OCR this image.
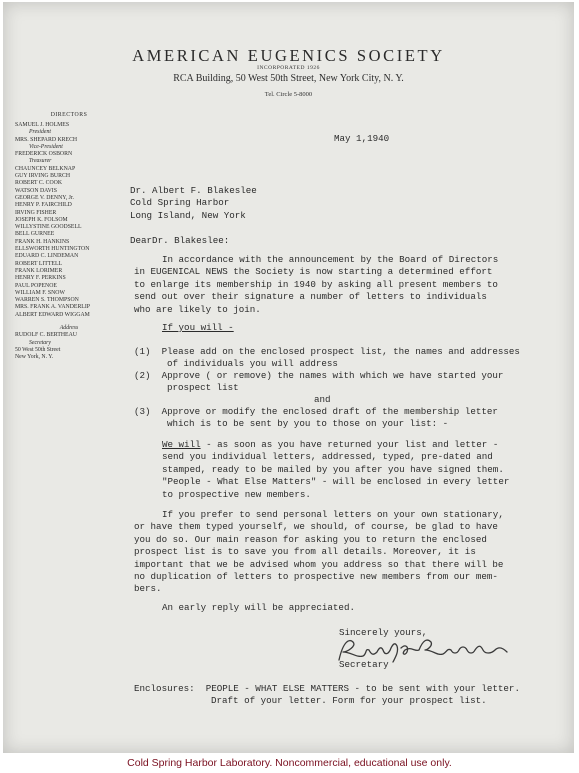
AMERICAN EUGENICS SOCIETY
INCORPORATED 1926
RCA Building, 50 West 50th Street, New York City, N. Y.
Tel. Circle 5-8000
DIRECTORS
SAMUEL J. HOLMES
President
MRS. SHEPARD KRECH
Vice-President
FREDERICK OSBORN
Treasurer
CHAUNCEY BELKNAP
GUY IRVING BURCH
ROBERT C. COOK
WATSON DAVIS
GEORGE V. DENNY, Jr.
HENRY P. FAIRCHILD
IRVING FISHER
JOSEPH K. FOLSOM
WILLYSTINE GOODSELL
BELL GURNEE
FRANK H. HANKINS
ELLSWORTH HUNTINGTON
EDUARD C. LINDEMAN
ROBERT LITTELL
FRANK LORIMER
HENRY F. PERKINS
PAUL POPENOE
WILLIAM F. SNOW
WARREN S. THOMPSON
MRS. FRANK A. VANDERLIP
ALBERT EDWARD WIGGAM
Address
RUDOLF C. BERTHEAU
Secretary
50 West 50th Street
New York, N. Y.
May 1,1940
Dr. Albert F. Blakeslee
Cold Spring Harbor
Long Island, New York
DearDr. Blakeslee:
In accordance with the announcement by the Board of Directors
in EUGENICAL NEWS the Society is now starting a determined effort
to enlarge its membership in 1940 by asking all present members to
send out over their signature a number of letters to individuals
who are likely to join.
If you will -
(1) Please add on the enclosed prospect list, the names and addresses
of individuals you will address
(2) Approve ( or remove) the names with which we have started your
prospect list
and
(3) Approve or modify the enclosed draft of the membership letter
which is to be sent by you to those on your list: -
We will - as soon as you have returned your list and letter -
send you individual letters, addressed, typed, pre-dated and
stamped, ready to be mailed by you after you have signed them.
"People - What Else Matters" - will be enclosed in every letter
to prospective new members.
If you prefer to send personal letters on your own stationary,
or have them typed yourself, we should, of course, be glad to have
you do so. Our main reason for asking you to return the enclosed
prospect list is to save you from all details. Moreover, it is
important that we be advised whom you address so that there will be
no duplication of letters to prospective new members from our mem-
bers.
An early reply will be appreciated.
Sincerely yours,
Secretary
Enclosures: PEOPLE - WHAT ELSE MATTERS - to be sent with your letter.
Draft of your letter. Form for your prospect list.
Cold Spring Harbor Laboratory. Noncommercial, educational use only.
